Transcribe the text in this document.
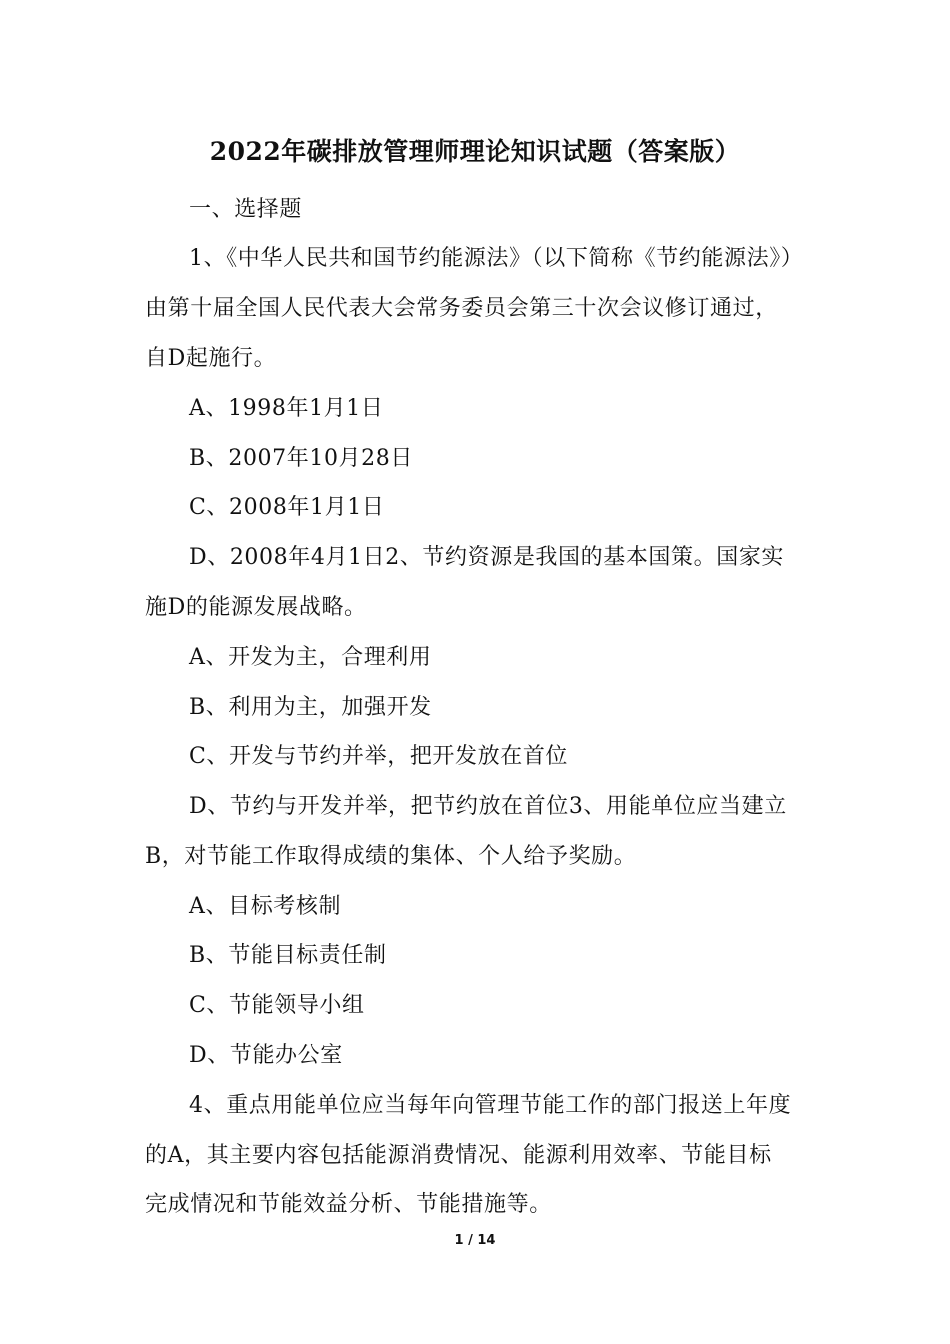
2022年碳排放管理师理论知识试题（答案版）
一、选择题
1、《中华人民共和国节约能源法》（以下简称《节约能源法》）
由第十届全国人民代表大会常务委员会第三十次会议修订通过，
自D起施行。
A、1998年1月1日
B、2007年10月28日
C、2008年1月1日
D、2008年4月1日2、节约资源是我国的基本国策。国家实
施D的能源发展战略。
A、开发为主，合理利用
B、利用为主，加强开发
C、开发与节约并举，把开发放在首位
D、节约与开发并举，把节约放在首位3、用能单位应当建立
B，对节能工作取得成绩的集体、个人给予奖励。
A、目标考核制
B、节能目标责任制
C、节能领导小组
D、节能办公室
4、重点用能单位应当每年向管理节能工作的部门报送上年度
的A，其主要内容包括能源消费情况、能源利用效率、节能目标
完成情况和节能效益分析、节能措施等。
1 / 14
